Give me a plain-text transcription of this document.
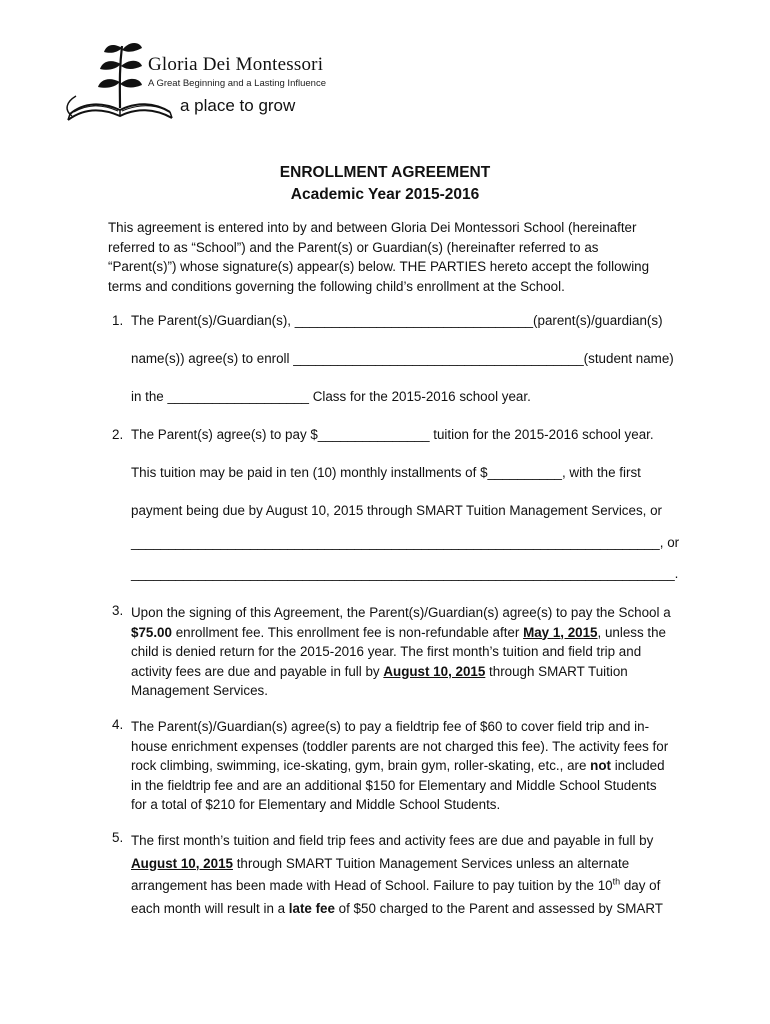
Gloria Dei Montessori
A Great Beginning and a Lasting Influence
a place to grow
ENROLLMENT AGREEMENT
Academic Year 2015-2016
This agreement is entered into by and between Gloria Dei Montessori School (hereinafter
referred to as “School”) and the Parent(s) or Guardian(s) (hereinafter referred to as
“Parent(s)”) whose signature(s) appear(s) below. THE PARTIES hereto accept the following
terms and conditions governing the following child’s enrollment at the School.
1. The Parent(s)/Guardian(s), ________________________________(parent(s)/guardian(s)
name(s)) agree(s) to enroll _______________________________________(student name)
in the ___________________ Class for the 2015-2016 school year.
2. The Parent(s) agree(s) to pay $_______________ tuition for the 2015-2016 school year.
This tuition may be paid in ten (10) monthly installments of $__________, with the first
payment being due by August 10, 2015 through SMART Tuition Management Services, or
_______________________________________________________________________, or
_________________________________________________________________________.
3. Upon the signing of this Agreement, the Parent(s)/Guardian(s) agree(s) to pay the School a
$75.00 enrollment fee. This enrollment fee is non-refundable after May 1, 2015, unless the
child is denied return for the 2015-2016 year. The first month’s tuition and field trip and
activity fees are due and payable in full by August 10, 2015 through SMART Tuition
Management Services.
4. The Parent(s)/Guardian(s) agree(s) to pay a fieldtrip fee of $60 to cover field trip and in-
house enrichment expenses (toddler parents are not charged this fee). The activity fees for
rock climbing, swimming, ice-skating, gym, brain gym, roller-skating, etc., are not included
in the fieldtrip fee and are an additional $150 for Elementary and Middle School Students
for a total of $210 for Elementary and Middle School Students.
5. The first month’s tuition and field trip fees and activity fees are due and payable in full by
August 10, 2015 through SMART Tuition Management Services unless an alternate
arrangement has been made with Head of School. Failure to pay tuition by the 10th day of
each month will result in a late fee of $50 charged to the Parent and assessed by SMART
